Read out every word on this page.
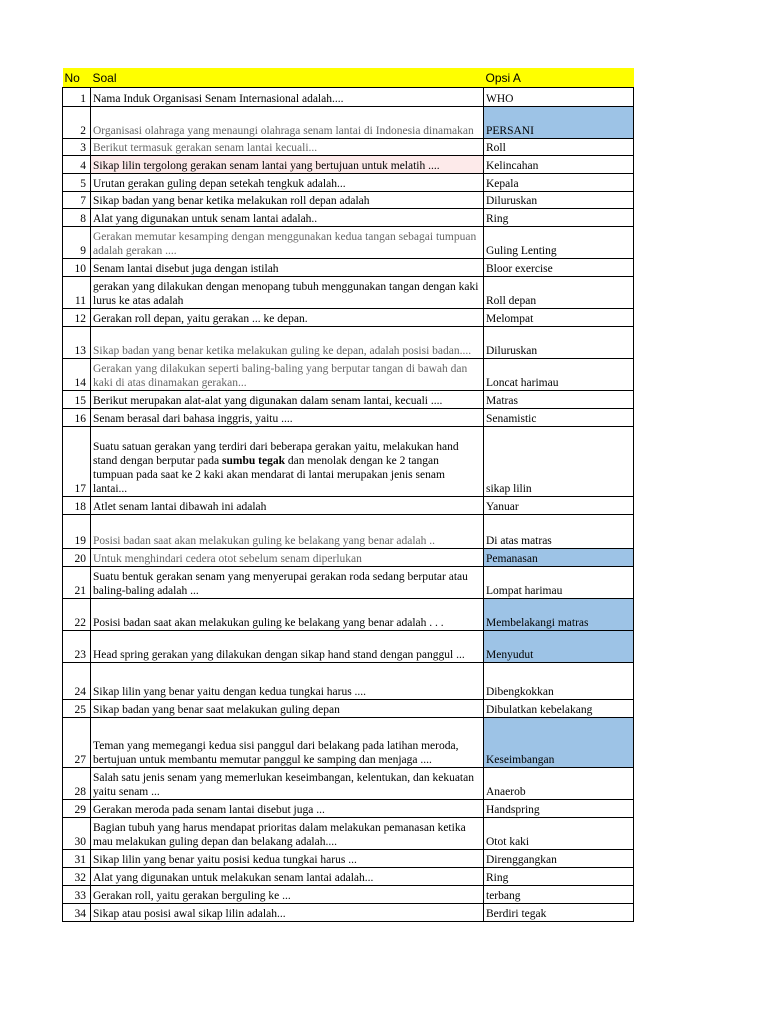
No	Soal	Opsi A
1	Nama Induk Organisasi Senam Internasional adalah....	WHO
2	Organisasi olahraga yang menaungi olahraga senam lantai di Indonesia dinamakan	PERSANI
3	Berikut termasuk gerakan senam lantai kecuali...	Roll
4	Sikap lilin tergolong gerakan senam lantai yang bertujuan untuk melatih ....	Kelincahan
5	Urutan gerakan guling depan setekah tengkuk adalah...	Kepala
7	Sikap badan yang benar ketika melakukan roll depan adalah	Diluruskan
8	Alat yang digunakan untuk senam lantai adalah..	Ring
9	Gerakan memutar kesamping dengan menggunakan kedua tangan sebagai tumpuan adalah gerakan ....	Guling Lenting
10	Senam lantai disebut juga dengan istilah	Bloor exercise
11	gerakan yang dilakukan dengan menopang tubuh menggunakan tangan dengan kaki lurus ke atas adalah	Roll depan
12	Gerakan roll depan, yaitu gerakan ... ke depan.	Melompat
13	Sikap badan yang benar ketika melakukan guling ke depan, adalah posisi badan....	Diluruskan
14	Gerakan yang dilakukan seperti baling-baling yang berputar tangan di bawah dan kaki di atas dinamakan gerakan...	Loncat harimau
15	Berikut merupakan alat-alat yang digunakan dalam senam lantai, kecuali ....	Matras
16	Senam berasal dari bahasa inggris, yaitu ....	Senamistic
17	Suatu satuan gerakan yang terdiri dari beberapa gerakan yaitu, melakukan hand stand dengan berputar pada sumbu tegak dan menolak dengan ke 2 tangan tumpuan pada saat ke 2 kaki akan mendarat di lantai merupakan jenis senam lantai...	sikap lilin
18	Atlet senam lantai dibawah ini adalah	Yanuar
19	Posisi badan saat akan melakukan guling ke belakang yang benar adalah ..	Di atas matras
20	Untuk menghindari cedera otot sebelum senam diperlukan	Pemanasan
21	Suatu bentuk gerakan senam yang menyerupai gerakan roda sedang berputar atau baling-baling adalah ...	Lompat harimau
22	Posisi badan saat akan melakukan guling ke belakang yang benar adalah . . .	Membelakangi matras
23	Head spring gerakan yang dilakukan dengan sikap hand stand dengan panggul ...	Menyudut
24	Sikap lilin yang benar yaitu dengan kedua tungkai harus ....	Dibengkokkan
25	Sikap badan yang benar saat melakukan guling depan	Dibulatkan kebelakang
27	Teman yang memegangi kedua sisi panggul dari belakang pada latihan meroda, bertujuan untuk membantu memutar panggul ke samping dan menjaga ....	Keseimbangan
28	Salah satu jenis senam yang memerlukan keseimbangan, kelentukan, dan kekuatan yaitu senam ...	Anaerob
29	Gerakan meroda pada senam lantai disebut juga ...	Handspring
30	Bagian tubuh yang harus mendapat prioritas dalam melakukan pemanasan ketika mau melakukan guling depan dan belakang adalah....	Otot kaki
31	Sikap lilin yang benar yaitu posisi kedua tungkai harus ...	Direnggangkan
32	Alat yang digunakan untuk melakukan senam lantai adalah...	Ring
33	Gerakan roll, yaitu gerakan berguling ke ...	terbang
34	Sikap atau posisi awal sikap lilin adalah...	Berdiri tegak
